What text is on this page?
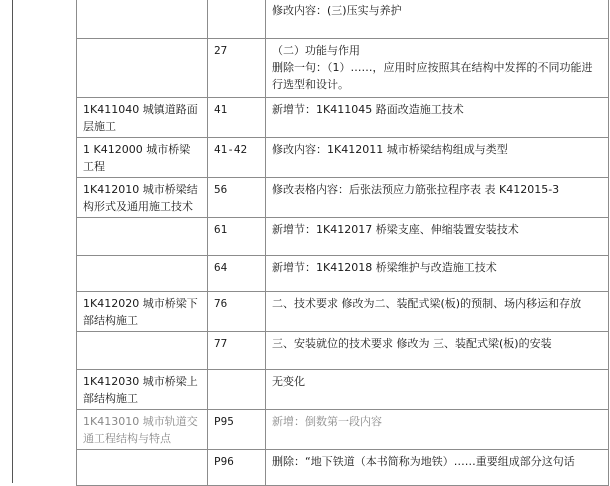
		修改内容：(三)压实与养护

	27	（二）功能与作用
删除一句：（1）……，应用时应按照其在结构中发挥的不同功能进行选型和设计。

1K411040 城镇道路面层施工	41	新增节：1K411045 路面改造施工技术

1 K412000 城市桥梁工程	41-42	修改内容：1K412011 城市桥梁结构组成与类型

1K412010 城市桥梁结构形式及通用施工技术	56	修改表格内容：后张法预应力筋张拉程序表 表 K412015-3

	61	新增节：1K412017 桥梁支座、伸缩装置安装技术

	64	新增节：1K412018 桥梁维护与改造施工技术

1K412020 城市桥梁下部结构施工	76	二、技术要求 修改为二、装配式梁(板)的预制、场内移运和存放

	77	三、安装就位的技术要求 修改为 三、装配式梁(板)的安装

1K412030 城市桥梁上部结构施工		无变化

1K413010 城市轨道交通工程结构与特点	P95	新增：倒数第一段内容

	P96	删除：“地下铁道（本书简称为地铁）……重要组成部分这句话
